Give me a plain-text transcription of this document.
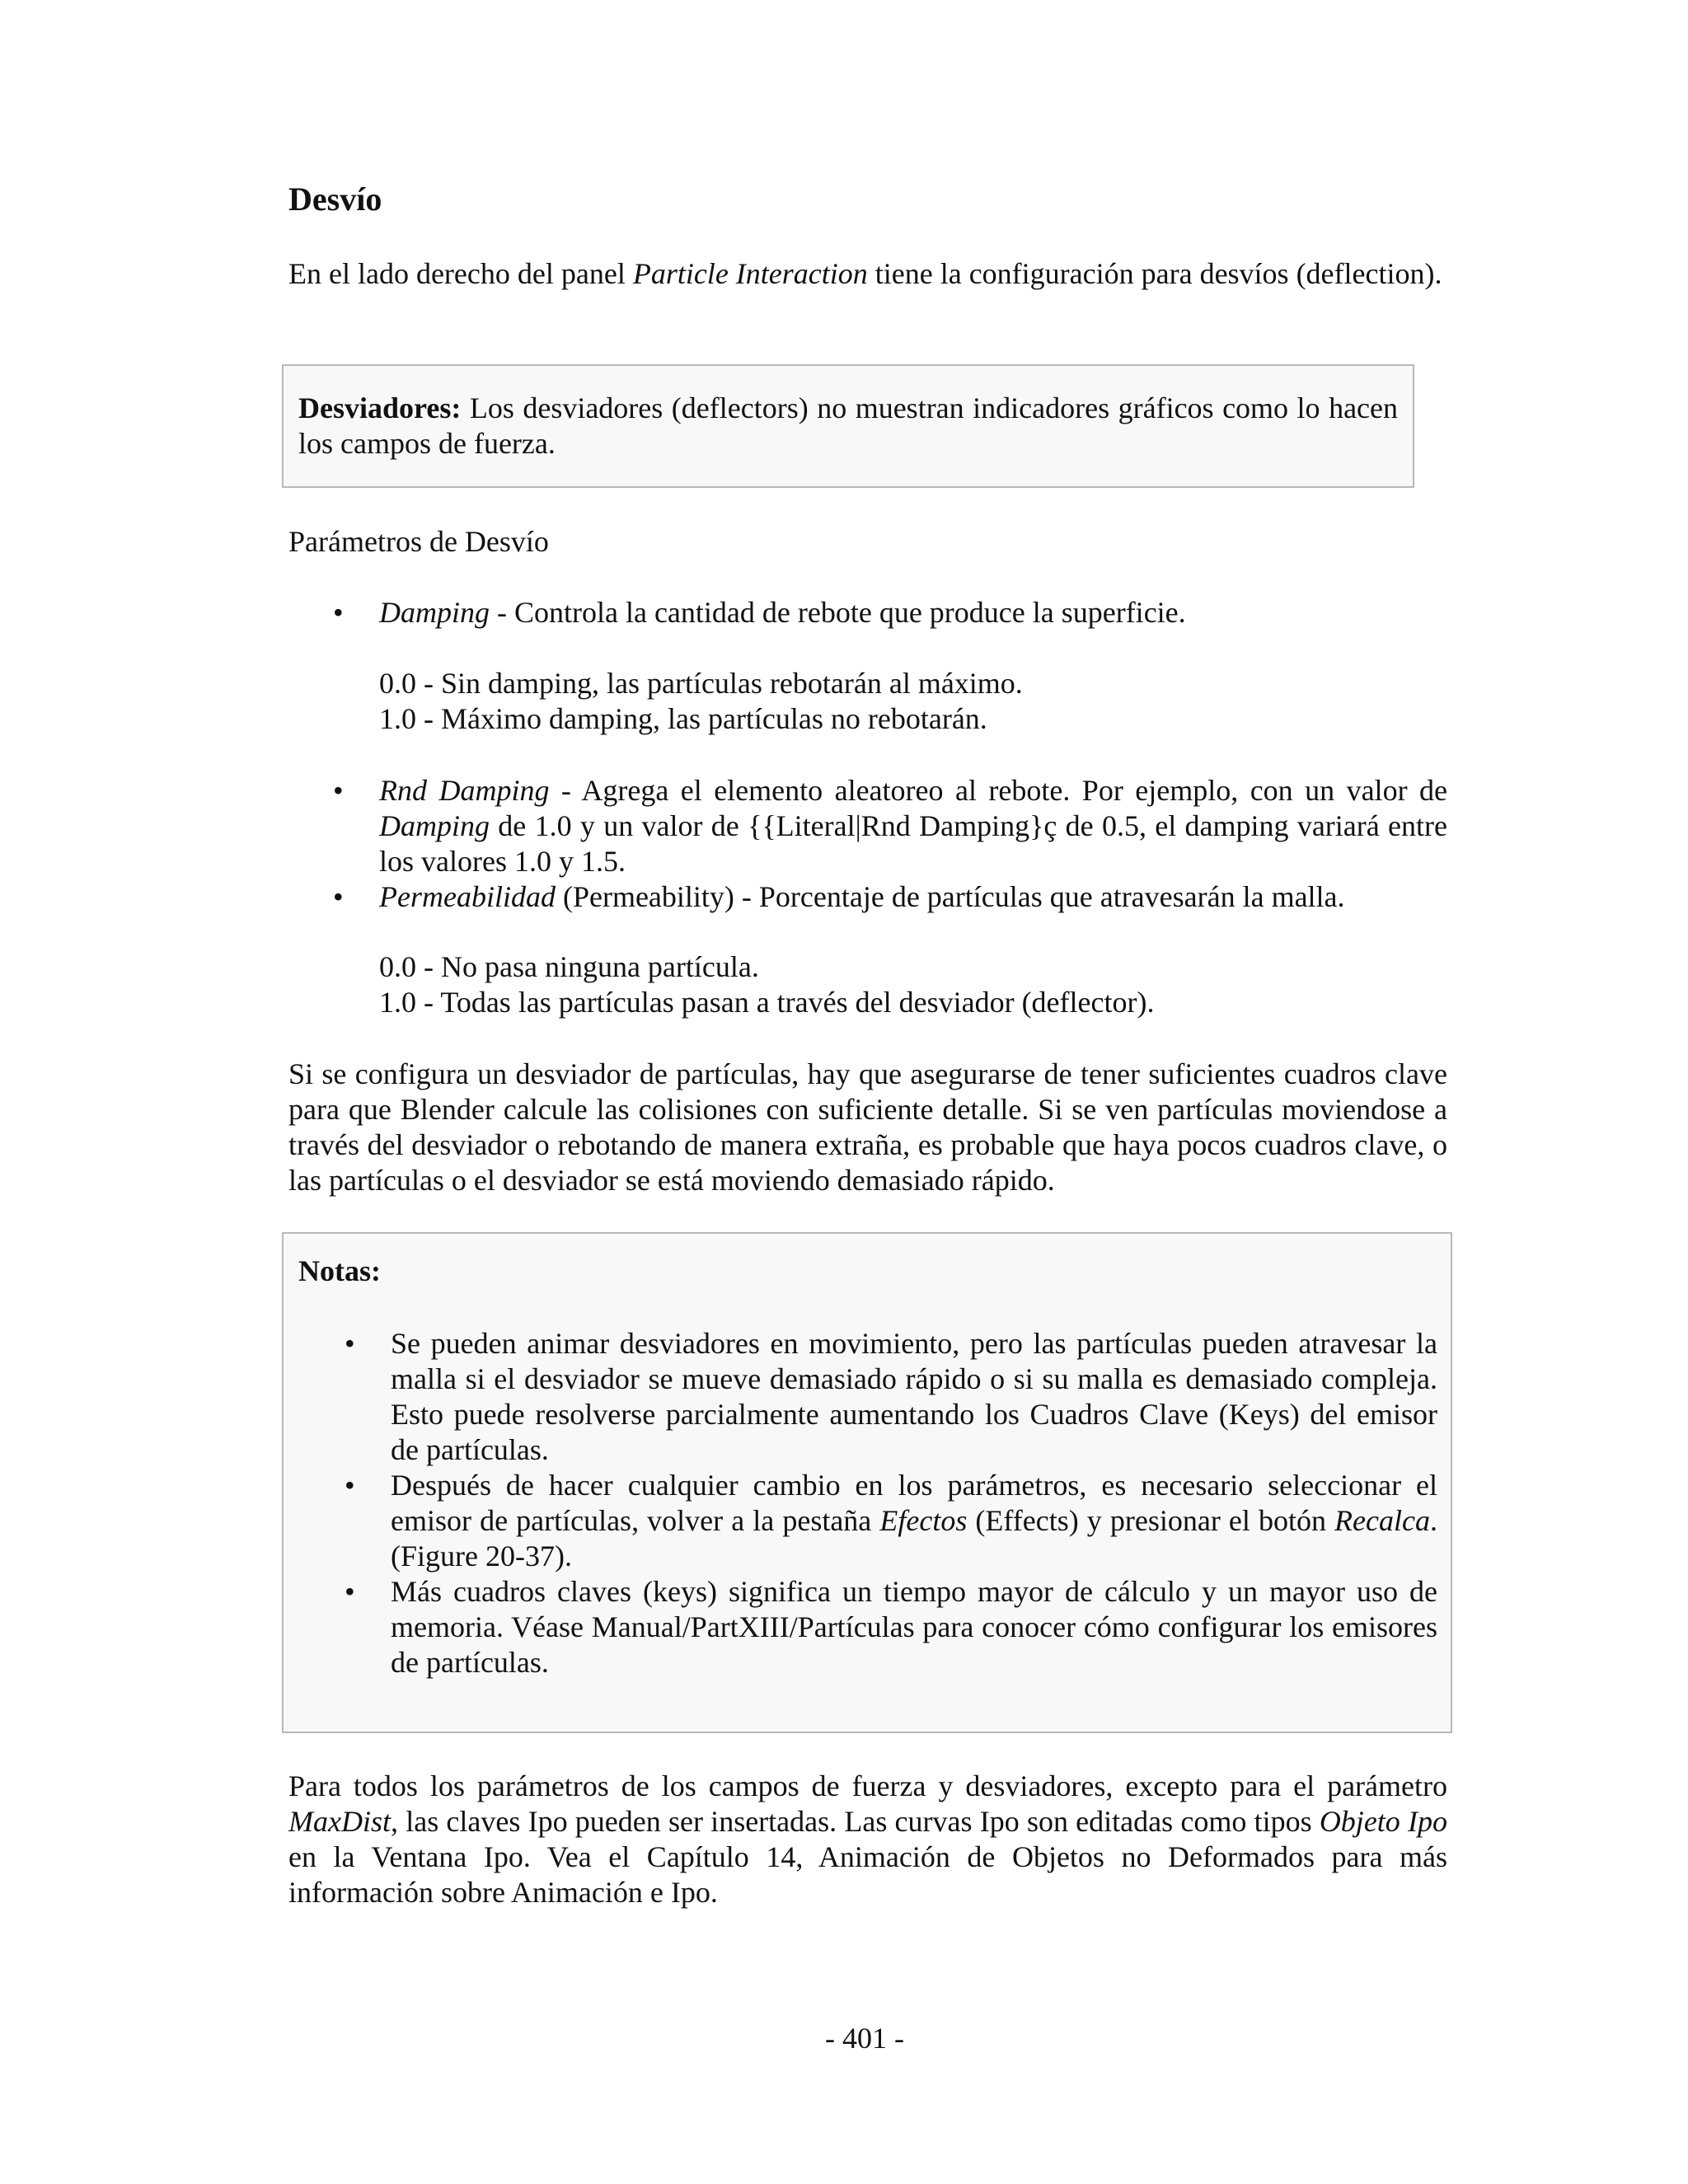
Desvío

En el lado derecho del panel Particle Interaction tiene la configuración para desvíos (deflection).

Desviadores: Los desviadores (deflectors) no muestran indicadores gráficos como lo hacen los campos de fuerza.

Parámetros de Desvío

• Damping - Controla la cantidad de rebote que produce la superficie.
0.0 - Sin damping, las partículas rebotarán al máximo.
1.0 - Máximo damping, las partículas no rebotarán.
• Rnd Damping - Agrega el elemento aleatoreo al rebote. Por ejemplo, con un valor de Damping de 1.0 y un valor de {{Literal|Rnd Damping}ç de 0.5, el damping variará entre los valores 1.0 y 1.5.
• Permeabilidad (Permeability) - Porcentaje de partículas que atravesarán la malla.
0.0 - No pasa ninguna partícula.
1.0 - Todas las partículas pasan a través del desviador (deflector).

Si se configura un desviador de partículas, hay que asegurarse de tener suficientes cuadros clave para que Blender calcule las colisiones con suficiente detalle. Si se ven partículas moviendose a través del desviador o rebotando de manera extraña, es probable que haya pocos cuadros clave, o las partículas o el desviador se está moviendo demasiado rápido.

Notas:

• Se pueden animar desviadores en movimiento, pero las partículas pueden atravesar la malla si el desviador se mueve demasiado rápido o si su malla es demasiado compleja. Esto puede resolverse parcialmente aumentando los Cuadros Clave (Keys) del emisor de partículas.
• Después de hacer cualquier cambio en los parámetros, es necesario seleccionar el emisor de partículas, volver a la pestaña Efectos (Effects) y presionar el botón Recalca. (Figure 20-37).
• Más cuadros claves (keys) significa un tiempo mayor de cálculo y un mayor uso de memoria. Véase Manual/PartXIII/Partículas para conocer cómo configurar los emisores de partículas.

Para todos los parámetros de los campos de fuerza y desviadores, excepto para el parámetro MaxDist, las claves Ipo pueden ser insertadas. Las curvas Ipo son editadas como tipos Objeto Ipo en la Ventana Ipo. Vea el Capítulo 14, Animación de Objetos no Deformados para más información sobre Animación e Ipo.

- 401 -
